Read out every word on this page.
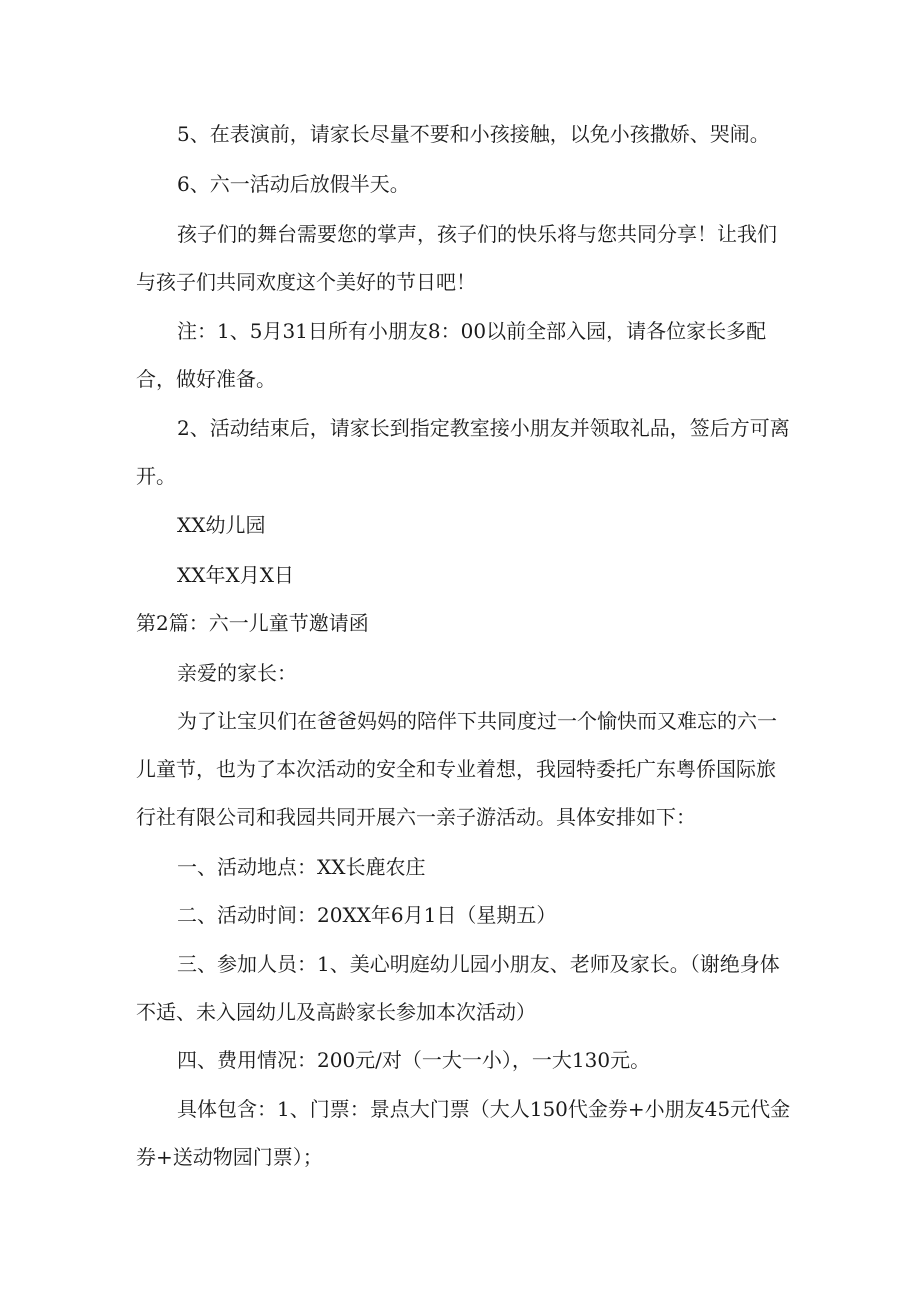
5、在表演前，请家长尽量不要和小孩接触，以免小孩撒娇、哭闹。

6、六一活动后放假半天。

孩子们的舞台需要您的掌声，孩子们的快乐将与您共同分享！让我们与孩子们共同欢度这个美好的节日吧！

注：1、5月31日所有小朋友8：00以前全部入园，请各位家长多配合，做好准备。

2、活动结束后，请家长到指定教室接小朋友并领取礼品，签后方可离开。

XX幼儿园

XX年X月X日

第2篇：六一儿童节邀请函

亲爱的家长：

为了让宝贝们在爸爸妈妈的陪伴下共同度过一个愉快而又难忘的六一儿童节，也为了本次活动的安全和专业着想，我园特委托广东粤侨国际旅行社有限公司和我园共同开展六一亲子游活动。具体安排如下：

一、活动地点：XX长鹿农庄

二、活动时间：20XX年6月1日（星期五）

三、参加人员：1、美心明庭幼儿园小朋友、老师及家长。（谢绝身体不适、未入园幼儿及高龄家长参加本次活动）

四、费用情况：200元/对（一大一小），一大130元。

具体包含：1、门票：景点大门票（大人150代金券+小朋友45元代金券+送动物园门票）；
